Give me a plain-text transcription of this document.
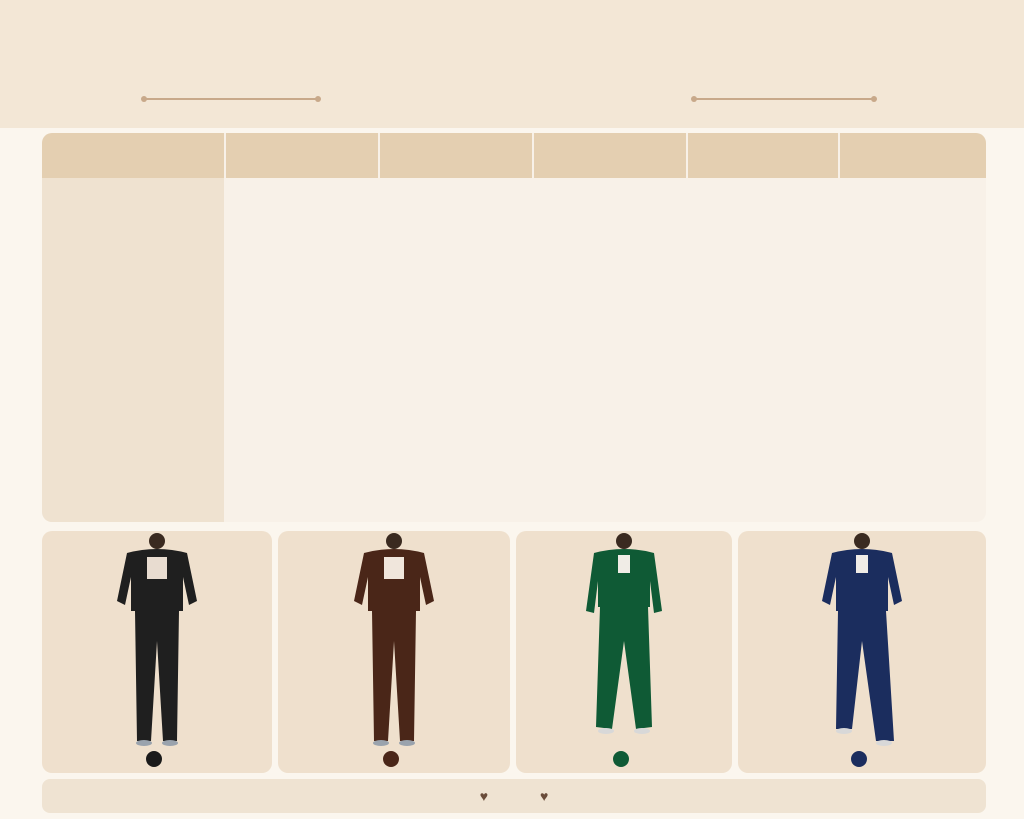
♥	♥
